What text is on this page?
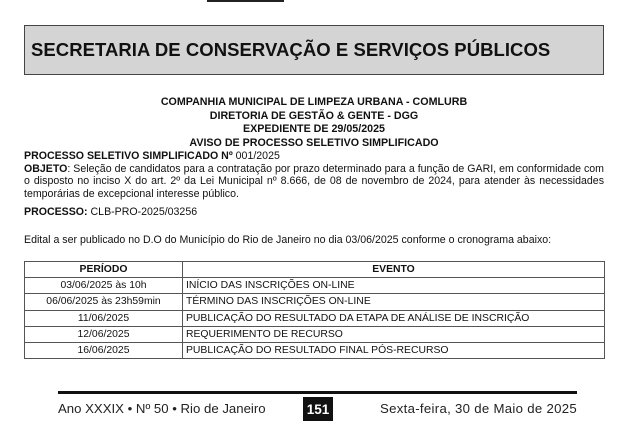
SECRETARIA DE CONSERVAÇÃO E SERVIÇOS PÚBLICOS
COMPANHIA MUNICIPAL DE LIMPEZA URBANA - COMLURB
DIRETORIA DE GESTÃO & GENTE - DGG
EXPEDIENTE DE 29/05/2025
AVISO DE PROCESSO SELETIVO SIMPLIFICADO
PROCESSO SELETIVO SIMPLIFICADO Nº 001/2025
OBJETO: Seleção de candidatos para a contratação por prazo determinado para a função de GARI, em conformidade com o disposto no inciso X do art. 2º da Lei Municipal nº 8.666, de 08 de novembro de 2024, para atender às necessidades temporárias de excepcional interesse público.
PROCESSO: CLB-PRO-2025/03256
Edital a ser publicado no D.O do Município do Rio de Janeiro no dia 03/06/2025 conforme o cronograma abaixo:
PERÍODO	EVENTO
03/06/2025 às 10h	INÍCIO DAS INSCRIÇÕES ON-LINE
06/06/2025 às 23h59min	TÉRMINO DAS INSCRIÇÕES ON-LINE
11/06/2025	PUBLICAÇÃO DO RESULTADO DA ETAPA DE ANÁLISE DE INSCRIÇÃO
12/06/2025	REQUERIMENTO DE RECURSO
16/06/2025	PUBLICAÇÃO DO RESULTADO FINAL PÓS-RECURSO
Ano XXXIX • Nº 50 • Rio de Janeiro	151	Sexta-feira, 30 de Maio de 2025
